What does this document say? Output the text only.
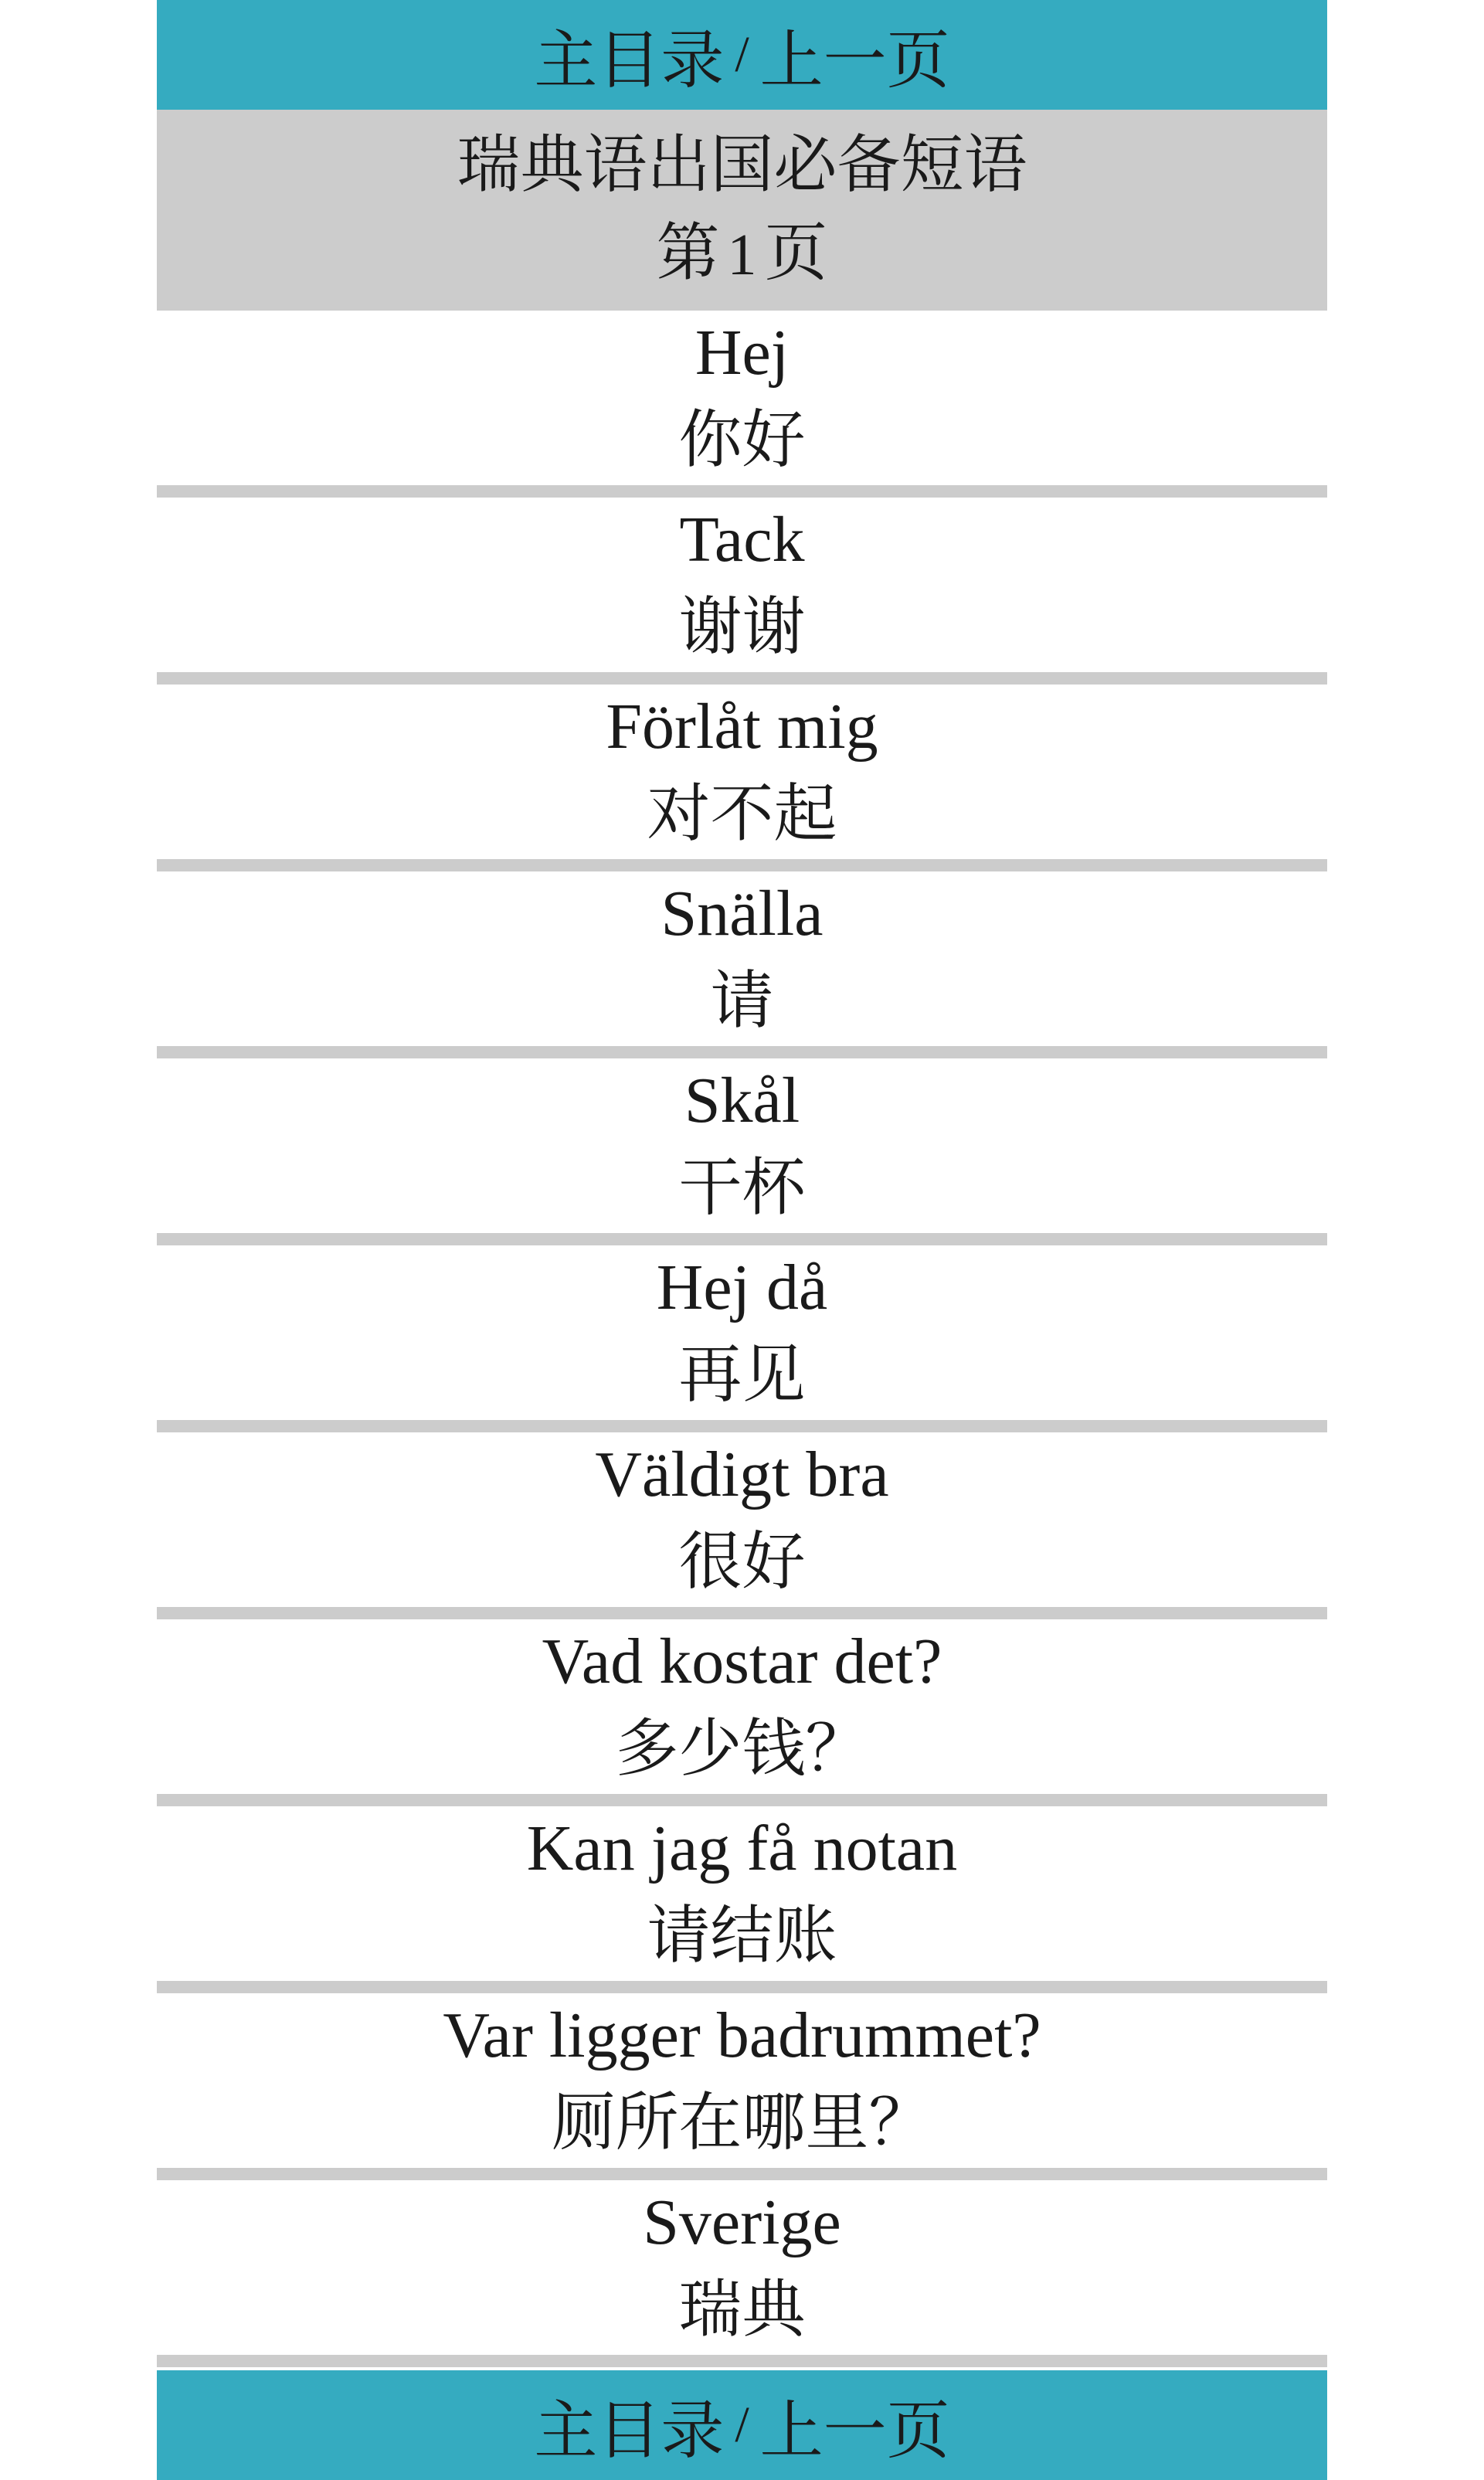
主目录 / 上一页
瑞典语出国必备短语
第 1 页
Hej
你好
Tack
谢谢
Förlåt mig
对不起
Snälla
请
Skål
干杯
Hej då
再见
Väldigt bra
很好
Vad kostar det?
多少钱？
Kan jag få notan
请结账
Var ligger badrummet?
厕所在哪里？
Sverige
瑞典
主目录 / 上一页
